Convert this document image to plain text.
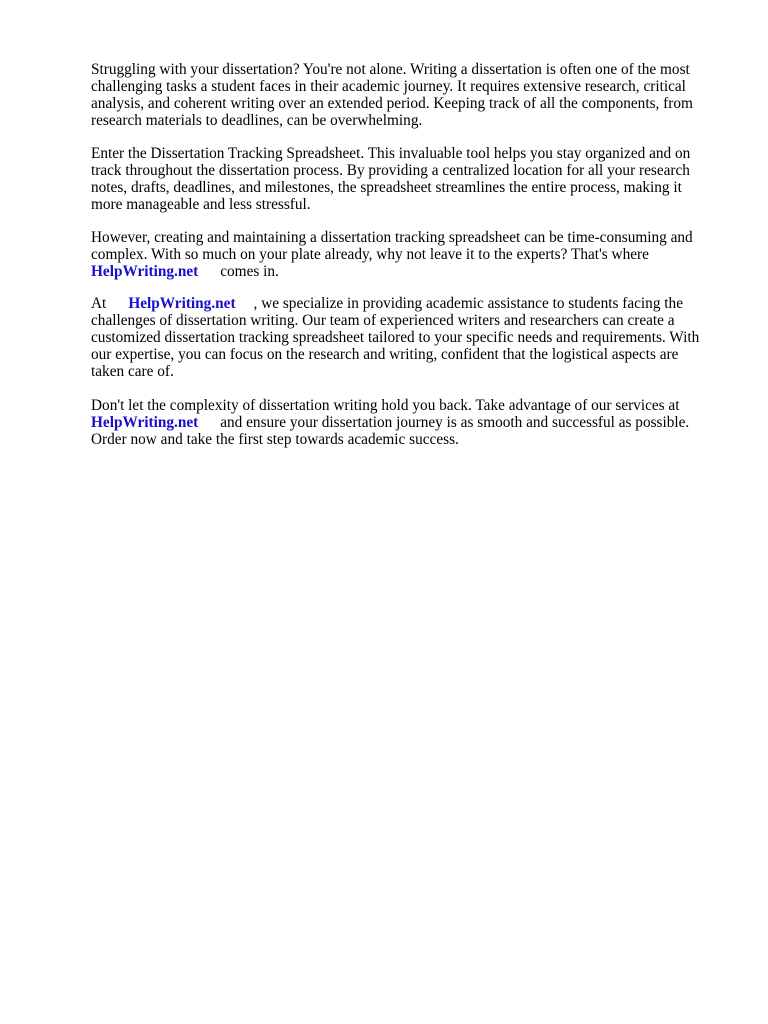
Struggling with your dissertation? You're not alone. Writing a dissertation is often one of the most
challenging tasks a student faces in their academic journey. It requires extensive research, critical
analysis, and coherent writing over an extended period. Keeping track of all the components, from
research materials to deadlines, can be overwhelming.
Enter the Dissertation Tracking Spreadsheet. This invaluable tool helps you stay organized and on
track throughout the dissertation process. By providing a centralized location for all your research
notes, drafts, deadlines, and milestones, the spreadsheet streamlines the entire process, making it
more manageable and less stressful.
However, creating and maintaining a dissertation tracking spreadsheet can be time-consuming and
complex. With so much on your plate already, why not leave it to the experts? That's where
HelpWriting.net comes in.
At HelpWriting.net , we specialize in providing academic assistance to students facing the
challenges of dissertation writing. Our team of experienced writers and researchers can create a
customized dissertation tracking spreadsheet tailored to your specific needs and requirements. With
our expertise, you can focus on the research and writing, confident that the logistical aspects are
taken care of.
Don't let the complexity of dissertation writing hold you back. Take advantage of our services at
HelpWriting.net and ensure your dissertation journey is as smooth and successful as possible.
Order now and take the first step towards academic success.
